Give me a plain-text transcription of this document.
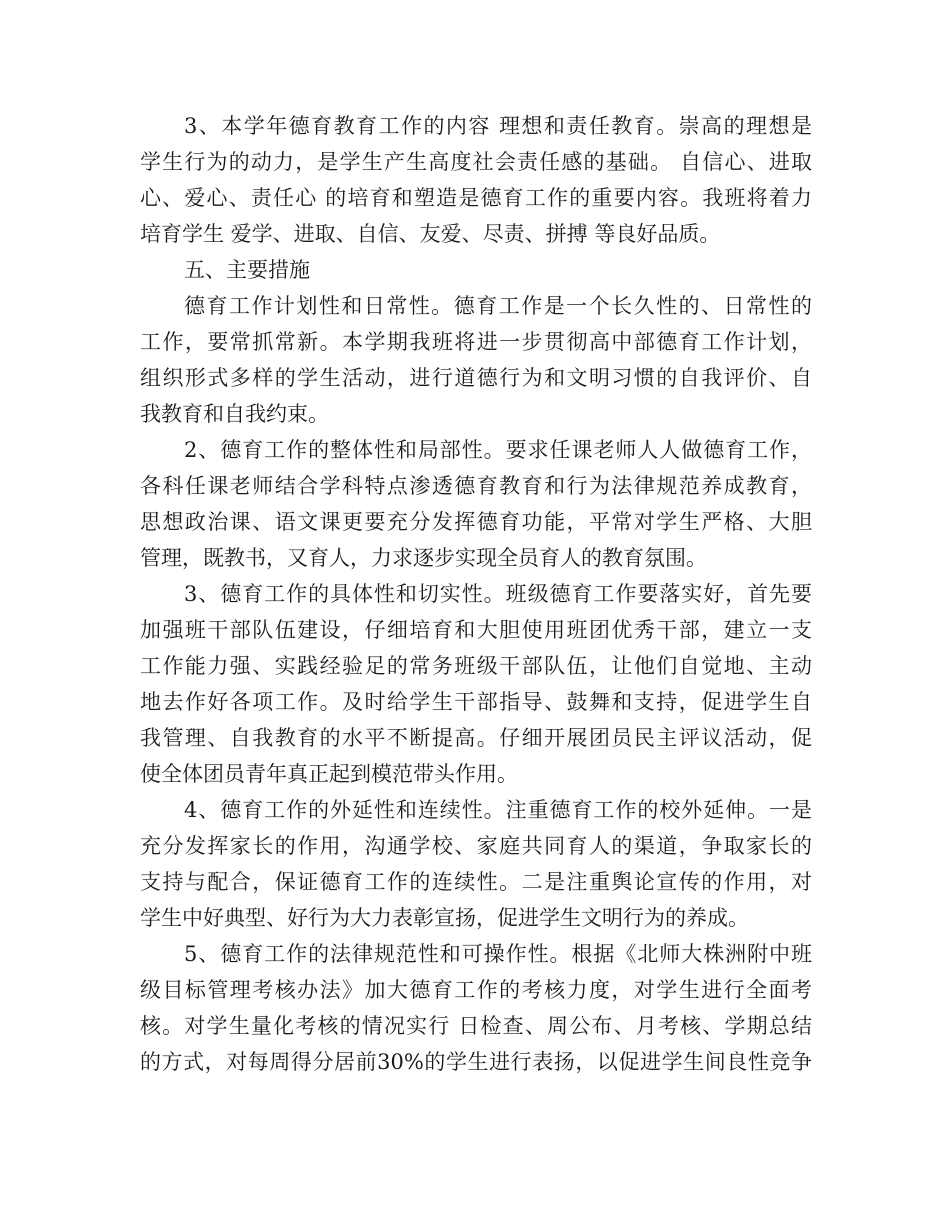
3、本学年德育教育工作的内容 理想和责任教育。崇高的理想是
学生行为的动力，是学生产生高度社会责任感的基础。 自信心、进取
心、爱心、责任心 的培育和塑造是德育工作的重要内容。我班将着力
培育学生 爱学、进取、自信、友爱、尽责、拼搏 等良好品质。
五、主要措施
德育工作计划性和日常性。德育工作是一个长久性的、日常性的
工作，要常抓常新。本学期我班将进一步贯彻高中部德育工作计划，
组织形式多样的学生活动，进行道德行为和文明习惯的自我评价、自
我教育和自我约束。
2、德育工作的整体性和局部性。要求任课老师人人做德育工作，
各科任课老师结合学科特点渗透德育教育和行为法律规范养成教育，
思想政治课、语文课更要充分发挥德育功能，平常对学生严格、大胆
管理，既教书，又育人，力求逐步实现全员育人的教育氛围。
3、德育工作的具体性和切实性。班级德育工作要落实好，首先要
加强班干部队伍建设，仔细培育和大胆使用班团优秀干部，建立一支
工作能力强、实践经验足的常务班级干部队伍，让他们自觉地、主动
地去作好各项工作。及时给学生干部指导、鼓舞和支持，促进学生自
我管理、自我教育的水平不断提高。仔细开展团员民主评议活动，促
使全体团员青年真正起到模范带头作用。
4、德育工作的外延性和连续性。注重德育工作的校外延伸。一是
充分发挥家长的作用，沟通学校、家庭共同育人的渠道，争取家长的
支持与配合，保证德育工作的连续性。二是注重舆论宣传的作用，对
学生中好典型、好行为大力表彰宣扬，促进学生文明行为的养成。
5、德育工作的法律规范性和可操作性。根据《北师大株洲附中班
级目标管理考核办法》加大德育工作的考核力度，对学生进行全面考
核。对学生量化考核的情况实行 日检查、周公布、月考核、学期总结
的方式，对每周得分居前30%的学生进行表扬，以促进学生间良性竞争
